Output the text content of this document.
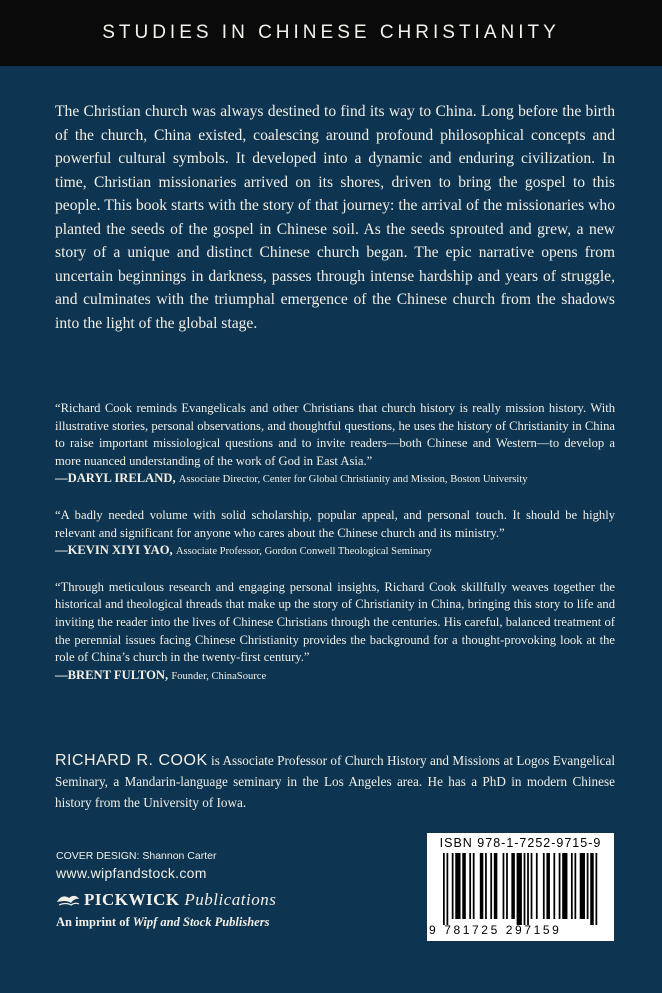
STUDIES IN CHINESE CHRISTIANITY

The Christian church was always destined to find its way to China. Long before the birth of the church, China existed, coalescing around profound philosophical concepts and powerful cultural symbols. It developed into a dynamic and enduring civilization. In time, Christian missionaries arrived on its shores, driven to bring the gospel to this people. This book starts with the story of that journey: the arrival of the missionaries who planted the seeds of the gospel in Chinese soil. As the seeds sprouted and grew, a new story of a unique and distinct Chinese church began. The epic narrative opens from uncertain beginnings in darkness, passes through intense hardship and years of struggle, and culminates with the triumphal emergence of the Chinese church from the shadows into the light of the global stage.

“Richard Cook reminds Evangelicals and other Christians that church history is really mission history. With illustrative stories, personal observations, and thoughtful questions, he uses the history of Christianity in China to raise important missiological questions and to invite readers—both Chinese and Western—to develop a more nuanced understanding of the work of God in East Asia.”

—DARYL IRELAND, Associate Director, Center for Global Christianity and Mission, Boston University

“A badly needed volume with solid scholarship, popular appeal, and personal touch. It should be highly relevant and significant for anyone who cares about the Chinese church and its ministry.”

—KEVIN XIYI YAO, Associate Professor, Gordon Conwell Theological Seminary

“Through meticulous research and engaging personal insights, Richard Cook skillfully weaves together the historical and theological threads that make up the story of Christianity in China, bringing this story to life and inviting the reader into the lives of Chinese Christians through the centuries. His careful, balanced treatment of the perennial issues facing Chinese Christianity provides the background for a thought-provoking look at the role of China’s church in the twenty-first century.”

—BRENT FULTON, Founder, ChinaSource

RICHARD R. COOK is Associate Professor of Church History and Missions at Logos Evangelical Seminary, a Mandarin-language seminary in the Los Angeles area. He has a PhD in modern Chinese history from the University of Iowa.

COVER DESIGN: Shannon Carter
www.wipfandstock.com
PICKWICK Publications
An imprint of Wipf and Stock Publishers
ISBN 978-1-7252-9715-9
9 781725 297159
